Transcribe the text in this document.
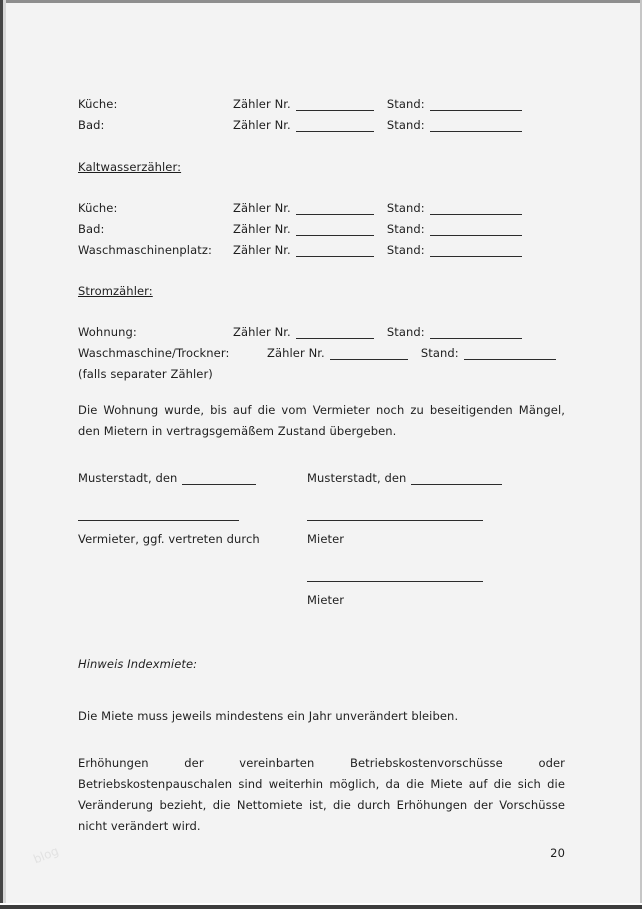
Küche:	Zähler Nr.	Stand:
Bad:	Zähler Nr.	Stand:
Kaltwasserzähler:
Küche:	Zähler Nr.	Stand:
Bad:	Zähler Nr.	Stand:
Waschmaschinenplatz:	Zähler Nr.	Stand:
Stromzähler:
Wohnung:	Zähler Nr.	Stand:
Waschmaschine/Trockner:	Zähler Nr.	Stand:
(falls separater Zähler)
Die Wohnung wurde, bis auf die vom Vermieter noch zu beseitigenden Mängel, den Mietern in vertragsgemäßem Zustand übergeben.
Musterstadt, den
Vermieter, ggf. vertreten durch
Musterstadt, den
Mieter
Mieter
Hinweis Indexmiete:
Die Miete muss jeweils mindestens ein Jahr unverändert bleiben.
Erhöhungen der vereinbarten Betriebskostenvorschüsse oder Betriebskostenpauschalen sind weiterhin möglich, da die Miete auf die sich die Veränderung bezieht, die Nettomiete ist, die durch Erhöhungen der Vorschüsse nicht verändert wird.
20
blog
